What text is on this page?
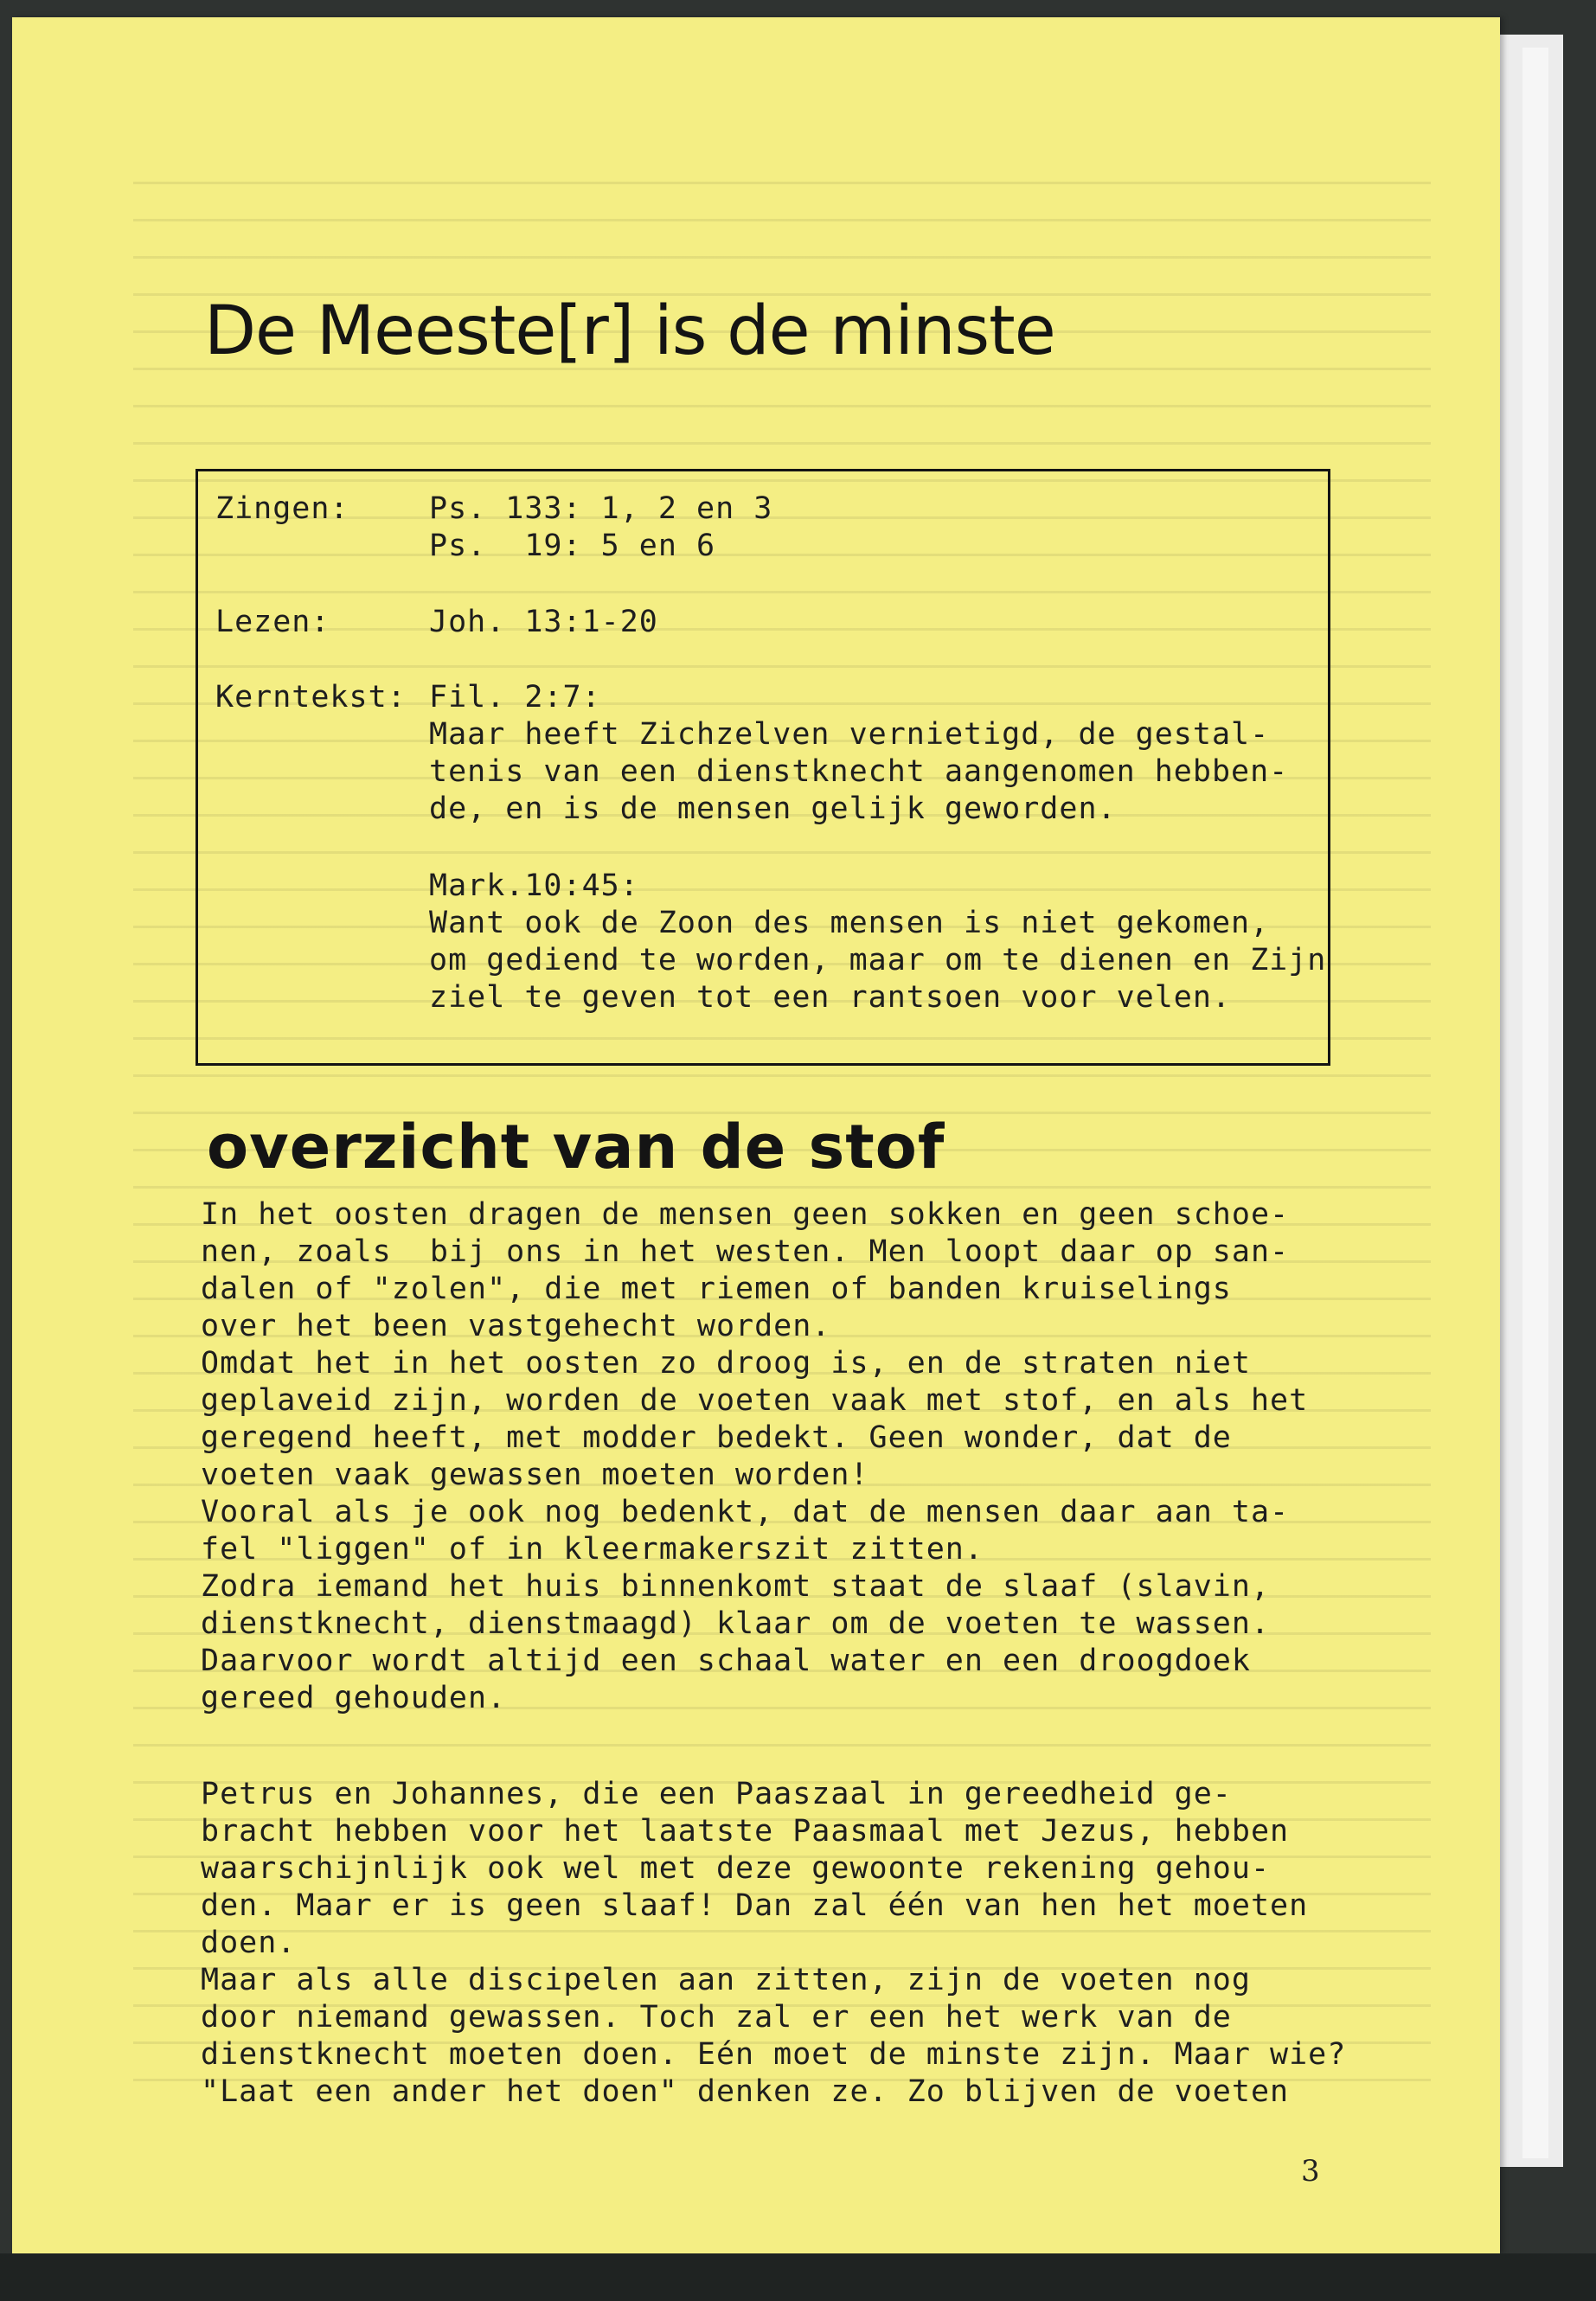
De Meeste[r] is de minste
Zingen:	Ps. 133: 1, 2 en 3
Ps.  19: 5 en 6
Lezen:	Joh. 13:1-20
Kerntekst: Fil. 2:7:
Maar heeft Zichzelven vernietigd, de gestal-
tenis van een dienstknecht aangenomen hebben-
de, en is de mensen gelijk geworden.
Mark.10:45:
Want ook de Zoon des mensen is niet gekomen,
om gediend te worden, maar om te dienen en Zijn
ziel te geven tot een rantsoen voor velen.
overzicht van de stof
In het oosten dragen de mensen geen sokken en geen schoe-
nen, zoals  bij ons in het westen. Men loopt daar op san-
dalen of "zolen", die met riemen of banden kruiselings
over het been vastgehecht worden.
Omdat het in het oosten zo droog is, en de straten niet
geplaveid zijn, worden de voeten vaak met stof, en als het
geregend heeft, met modder bedekt. Geen wonder, dat de
voeten vaak gewassen moeten worden!
Vooral als je ook nog bedenkt, dat de mensen daar aan ta-
fel "liggen" of in kleermakerszit zitten.
Zodra iemand het huis binnenkomt staat de slaaf (slavin,
dienstknecht, dienstmaagd) klaar om de voeten te wassen.
Daarvoor wordt altijd een schaal water en een droogdoek
gereed gehouden.
Petrus en Johannes, die een Paaszaal in gereedheid ge-
bracht hebben voor het laatste Paasmaal met Jezus, hebben
waarschijnlijk ook wel met deze gewoonte rekening gehou-
den. Maar er is geen slaaf! Dan zal één van hen het moeten
doen.
Maar als alle discipelen aan zitten, zijn de voeten nog
door niemand gewassen. Toch zal er een het werk van de
dienstknecht moeten doen. Eén moet de minste zijn. Maar wie?
"Laat een ander het doen" denken ze. Zo blijven de voeten
3
